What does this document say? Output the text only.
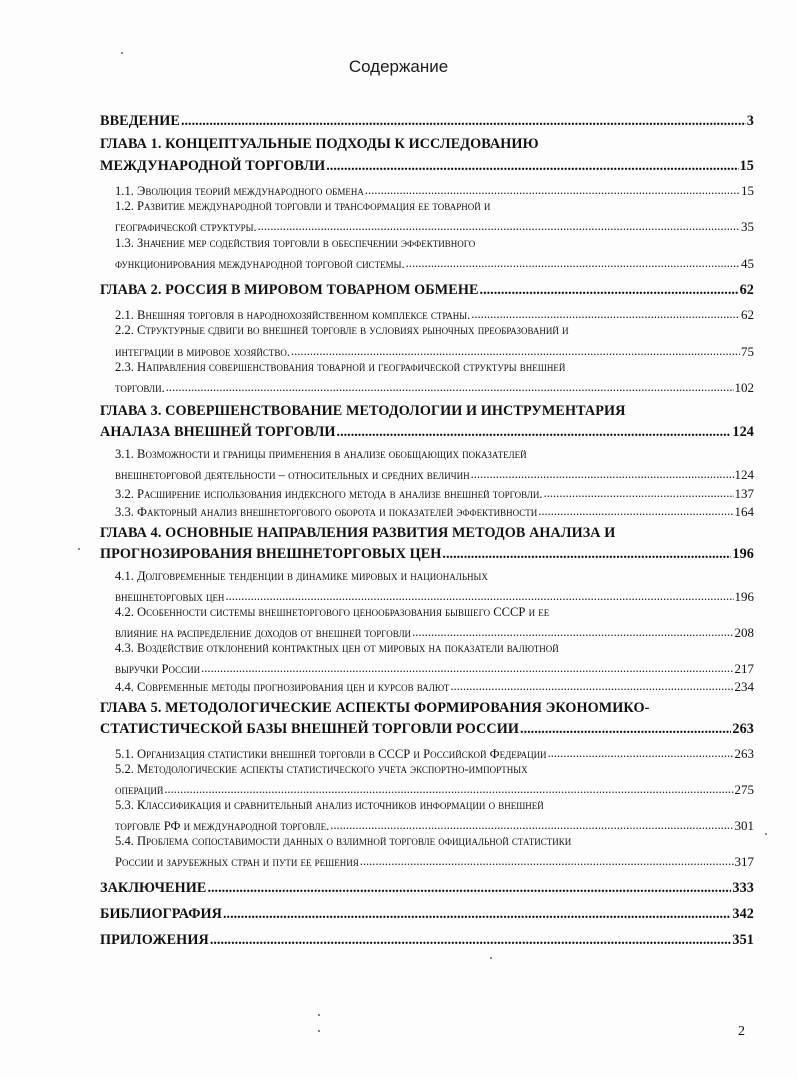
Содержание
ВВЕДЕНИЕ .....	3
ГЛАВА 1. КОНЦЕПТУАЛЬНЫЕ ПОДХОДЫ К ИССЛЕДОВАНИЮ
МЕЖДУНАРОДНОЙ ТОРГОВЛИ .....	15
1.1. Эволюция теорий международного обмена .....	15
1.2. Развитие международной торговли и трансформация ее товарной и
географической структуры. .....	35
1.3. Значение мер содействия торговли в обеспечении эффективного
функционирования международной торговой системы. .....	45
ГЛАВА 2. РОССИЯ В МИРОВОМ ТОВАРНОМ ОБМЕНЕ .....	62
2.1. Внешняя торговля в народнохозяйственном комплексе страны. .....	62
2.2. Структурные сдвиги во внешней торговле в условиях рыночных преобразований и
интеграции в мировое хозяйство. .....	75
2.3. Направления совершенствования товарной и географической структуры внешней
торговли. .....	102
ГЛАВА 3. СОВЕРШЕНСТВОВАНИЕ МЕТОДОЛОГИИ И ИНСТРУМЕНТАРИЯ
АНАЛАЗА ВНЕШНЕЙ ТОРГОВЛИ .....	124
3.1. Возможности и границы применения в анализе обобщающих показателей
внешнеторговой деятельности – относительных и средних величин .....	124
3.2. Расширение использования индексного метода в анализе внешней торговли. .....	137
3.3. Факторный анализ внешнеторгового оборота и показателей эффективности .....	164
ГЛАВА 4. ОСНОВНЫЕ НАПРАВЛЕНИЯ РАЗВИТИЯ МЕТОДОВ АНАЛИЗА И
ПРОГНОЗИРОВАНИЯ ВНЕШНЕТОРГОВЫХ ЦЕН .....	196
4.1. Долговременные тенденции в динамике мировых и национальных
внешнеторговых цен .....	196
4.2. Особенности системы внешнеторгового ценообразования бывшего СССР и ее
влияние на распределение доходов от внешней торговли .....	208
4.3. Воздействие отклонений контрактных цен от мировых на показатели валютной
выручки России .....	217
4.4. Современные методы прогнозирования цен и курсов валют .....	234
ГЛАВА 5. МЕТОДОЛОГИЧЕСКИЕ АСПЕКТЫ ФОРМИРОВАНИЯ ЭКОНОМИКО-
СТАТИСТИЧЕСКОЙ БАЗЫ ВНЕШНЕЙ ТОРГОВЛИ РОССИИ .....	263
5.1. Организация статистики внешней торговли в СССР и Российской Федерации .....	263
5.2. Методологические аспекты статистического учета экспортно-импортных
операций .....	275
5.3. Классификация и сравнительный анализ источников информации о внешней
торговле РФ и международной торговле. .....	301
5.4. Проблема сопоставимости данных о взлимной торговле официальной статистики
России и зарубежных стран и пути ее решения .....	317
ЗАКЛЮЧЕНИЕ .....	333
БИБЛИОГРАФИЯ .....	342
ПРИЛОЖЕНИЯ .....	351
2
